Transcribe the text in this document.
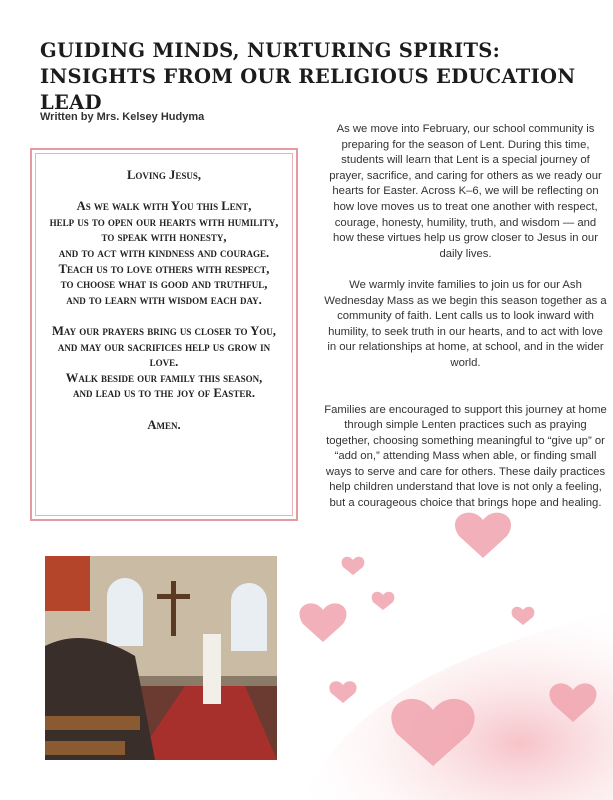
GUIDING MINDS, NURTURING SPIRITS: INSIGHTS FROM OUR RELIGIOUS EDUCATION LEAD
Written by Mrs. Kelsey Hudyma
Loving Jesus,
As we walk with You this Lent,
help us to open our hearts with humility,
to speak with honesty,
and to act with kindness and courage.
Teach us to love others with respect,
to choose what is good and truthful,
and to learn with wisdom each day.
May our prayers bring us closer to You,
and may our sacrifices help us grow in love.
Walk beside our family this season,
and lead us to the joy of Easter.
Amen.

As we move into February, our school community is preparing for the season of Lent. During this time, students will learn that Lent is a special journey of prayer, sacrifice, and caring for others as we ready our hearts for Easter. Across K–6, we will be reflecting on how love moves us to treat one another with respect, courage, honesty, humility, truth, and wisdom — and how these virtues help us grow closer to Jesus in our daily lives.

We warmly invite families to join us for our Ash Wednesday Mass as we begin this season together as a community of faith. Lent calls us to look inward with humility, to seek truth in our hearts, and to act with love in our relationships at home, at school, and in the wider world.

Families are encouraged to support this journey at home through simple Lenten practices such as praying together, choosing something meaningful to “give up” or “add on,” attending Mass when able, or finding small ways to serve and care for others. These daily practices help children understand that love is not only a feeling, but a courageous choice that brings hope and healing.
